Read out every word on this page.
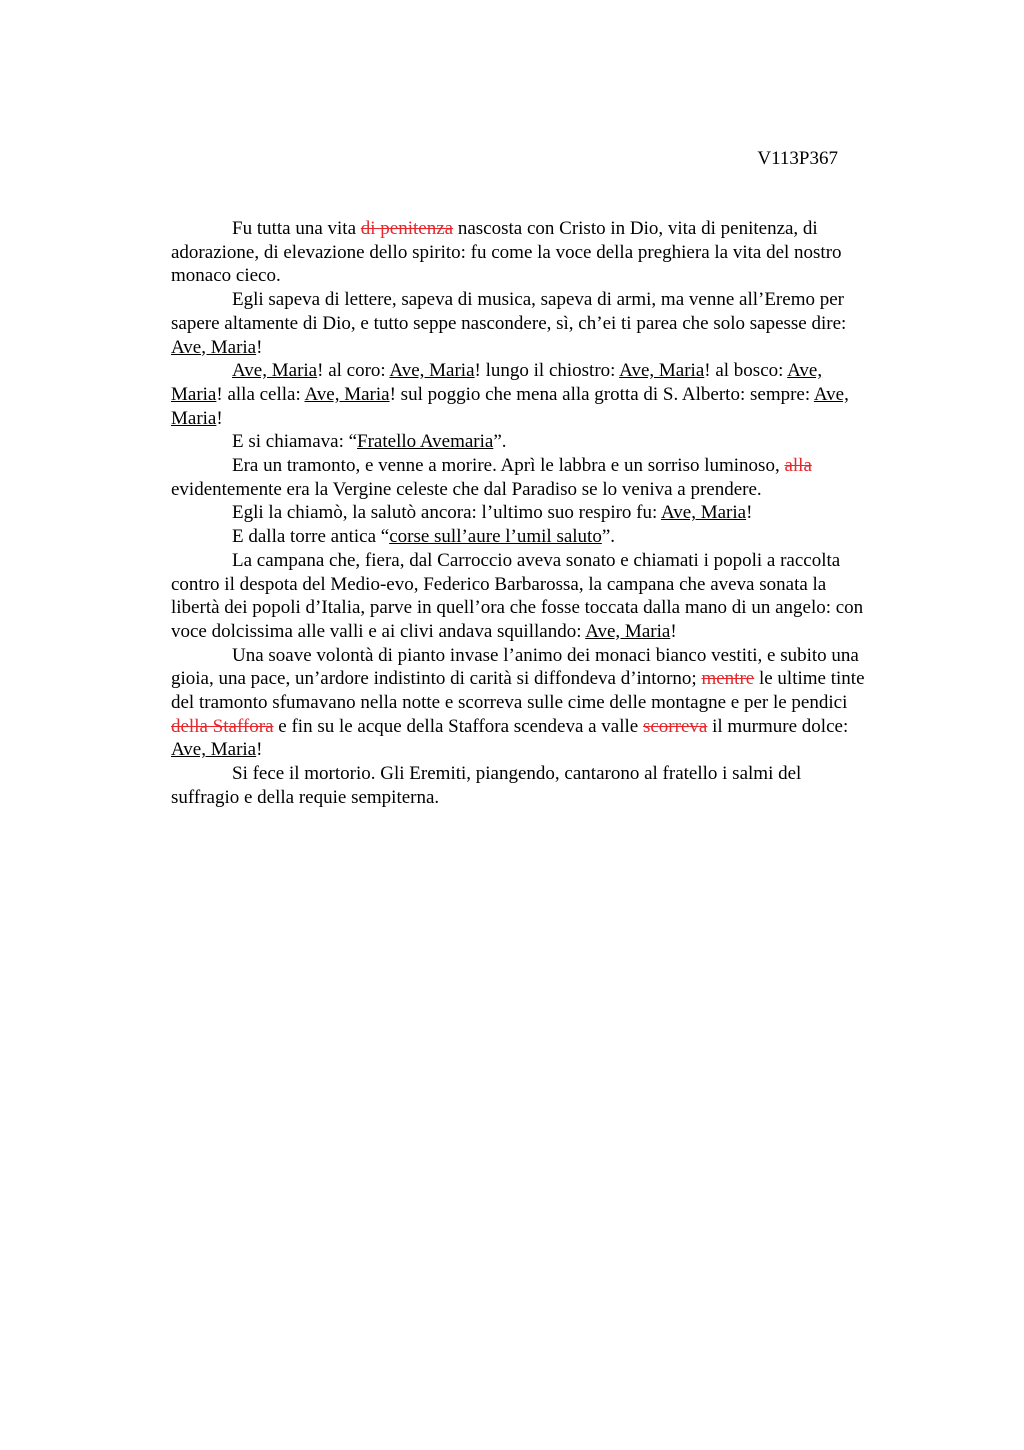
V113P367

Fu tutta una vita di penitenza nascosta con Cristo in Dio, vita di penitenza, di
adorazione, di elevazione dello spirito: fu come la voce della preghiera la vita del nostro
monaco cieco.

Egli sapeva di lettere, sapeva di musica, sapeva di armi, ma venne all’Eremo per
sapere altamente di Dio, e tutto seppe nascondere, sì, ch’ei ti parea che solo sapesse dire:
Ave, Maria!

Ave, Maria! al coro: Ave, Maria! lungo il chiostro: Ave, Maria! al bosco: Ave,
Maria! alla cella: Ave, Maria! sul poggio che mena alla grotta di S. Alberto: sempre: Ave,
Maria!

E si chiamava: “Fratello Avemaria”.

Era un tramonto, e venne a morire. Aprì le labbra e un sorriso luminoso, alla
evidentemente era la Vergine celeste che dal Paradiso se lo veniva a prendere.

Egli la chiamò, la salutò ancora: l’ultimo suo respiro fu: Ave, Maria!

E dalla torre antica “corse sull’aure l’umil saluto”.

La campana che, fiera, dal Carroccio aveva sonato e chiamati i popoli a raccolta
contro il despota del Medio-evo, Federico Barbarossa, la campana che aveva sonata la
libertà dei popoli d’Italia, parve in quell’ora che fosse toccata dalla mano di un angelo: con
voce dolcissima alle valli e ai clivi andava squillando: Ave, Maria!

Una soave volontà di pianto invase l’animo dei monaci bianco vestiti, e subito una
gioia, una pace, un’ardore indistinto di carità si diffondeva d’intorno; mentre le ultime tinte
del tramonto sfumavano nella notte e scorreva sulle cime delle montagne e per le pendici
della Staffora e fin su le acque della Staffora scendeva a valle scorreva il murmure dolce:
Ave, Maria!

Si fece il mortorio. Gli Eremiti, piangendo, cantarono al fratello i salmi del
suffragio e della requie sempiterna.
